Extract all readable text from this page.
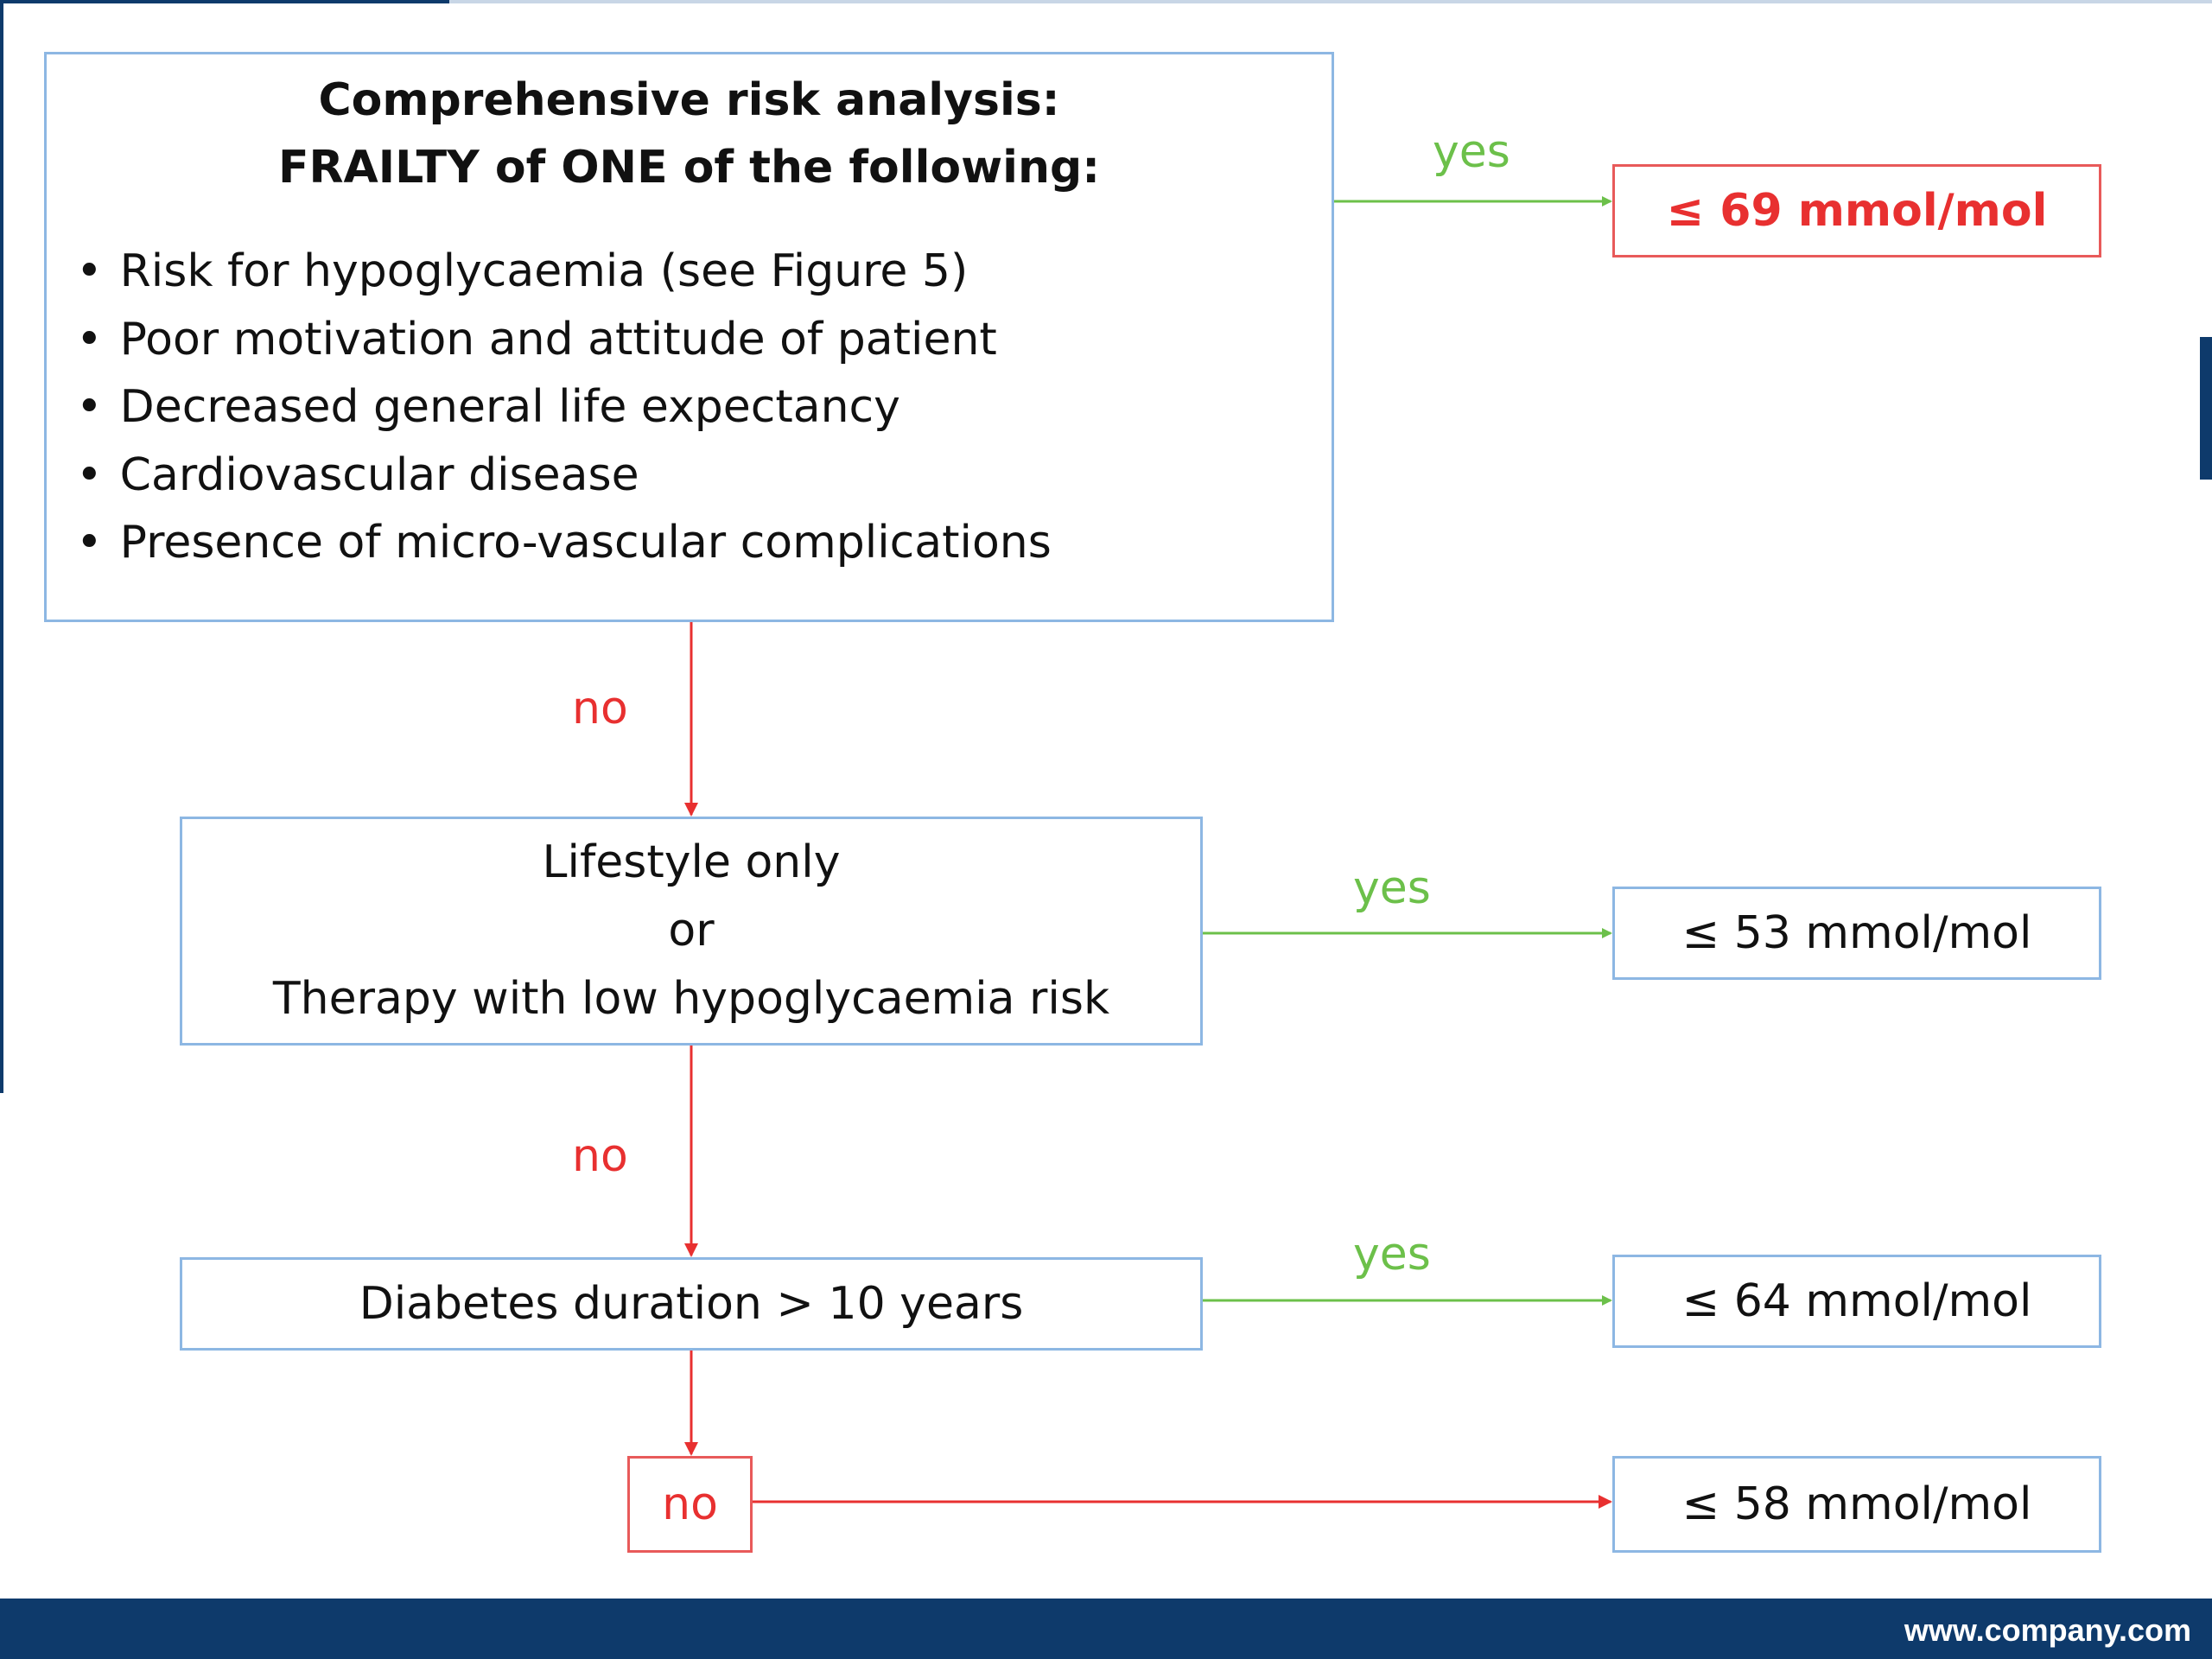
Comprehensive risk analysis:
FRAILTY of ONE of the following:
• Risk for hypoglycaemia (see Figure 5)
• Poor motivation and attitude of patient
• Decreased general life expectancy
• Cardiovascular disease
• Presence of micro-vascular complications
Lifestyle only
or
Therapy with low hypoglycaemia risk
Diabetes duration > 10 years
no
≤ 69 mmol/mol
≤ 53 mmol/mol
≤ 64 mmol/mol
≤ 58 mmol/mol
yes
yes
yes
no
no
www.company.com
